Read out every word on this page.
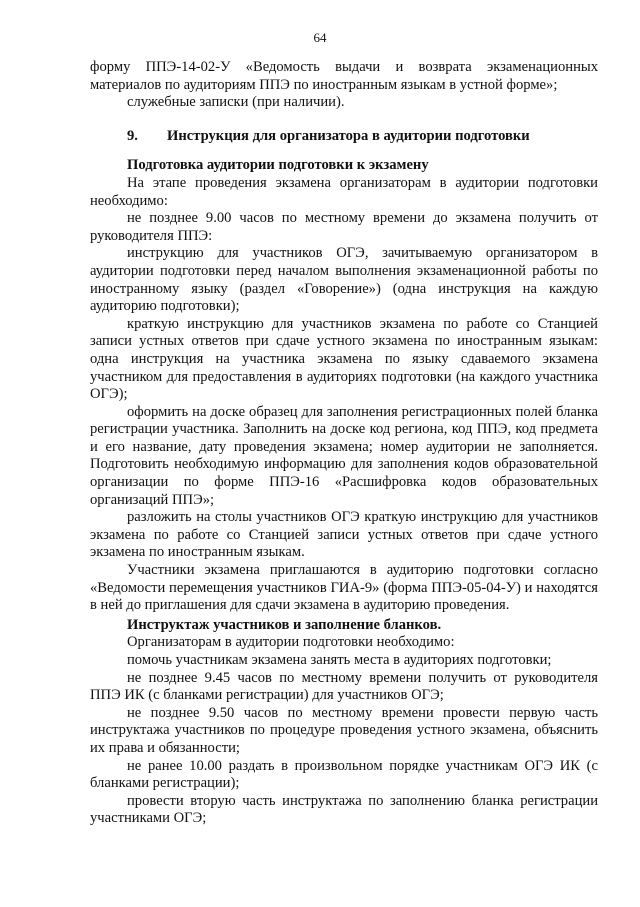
64

форму ППЭ-14-02-У «Ведомость выдачи и возврата экзаменационных материалов по аудиториям ППЭ по иностранным языкам в устной форме»;

служебные записки (при наличии).

9. Инструкция для организатора в аудитории подготовки

Подготовка аудитории подготовки к экзамену

На этапе проведения экзамена организаторам в аудитории подготовки необходимо:

не позднее 9.00 часов по местному времени до экзамена получить от руководителя ППЭ:

инструкцию для участников ОГЭ, зачитываемую организатором в аудитории подготовки перед началом выполнения экзаменационной работы по иностранному языку (раздел «Говорение») (одна инструкция на каждую аудиторию подготовки);

краткую инструкцию для участников экзамена по работе со Станцией записи устных ответов при сдаче устного экзамена по иностранным языкам: одна инструкция на участника экзамена по языку сдаваемого экзамена участником для предоставления в аудиториях подготовки (на каждого участника ОГЭ);

оформить на доске образец для заполнения регистрационных полей бланка регистрации участника. Заполнить на доске код региона, код ППЭ, код предмета и его название, дату проведения экзамена; номер аудитории не заполняется. Подготовить необходимую информацию для заполнения кодов образовательной организации по форме ППЭ-16 «Расшифровка кодов образовательных организаций ППЭ»;

разложить на столы участников ОГЭ краткую инструкцию для участников экзамена по работе со Станцией записи устных ответов при сдаче устного экзамена по иностранным языкам.

Участники экзамена приглашаются в аудиторию подготовки согласно «Ведомости перемещения участников ГИА-9» (форма ППЭ-05-04-У) и находятся в ней до приглашения для сдачи экзамена в аудиторию проведения.

Инструктаж участников и заполнение бланков.

Организаторам в аудитории подготовки необходимо:

помочь участникам экзамена занять места в аудиториях подготовки;

не позднее 9.45 часов по местному времени получить от руководителя ППЭ ИК (с бланками регистрации) для участников ОГЭ;

не позднее 9.50 часов по местному времени провести первую часть инструктажа участников по процедуре проведения устного экзамена, объяснить их права и обязанности;

не ранее 10.00 раздать в произвольном порядке участникам ОГЭ ИК (с бланками регистрации);

провести вторую часть инструктажа по заполнению бланка регистрации участниками ОГЭ;
